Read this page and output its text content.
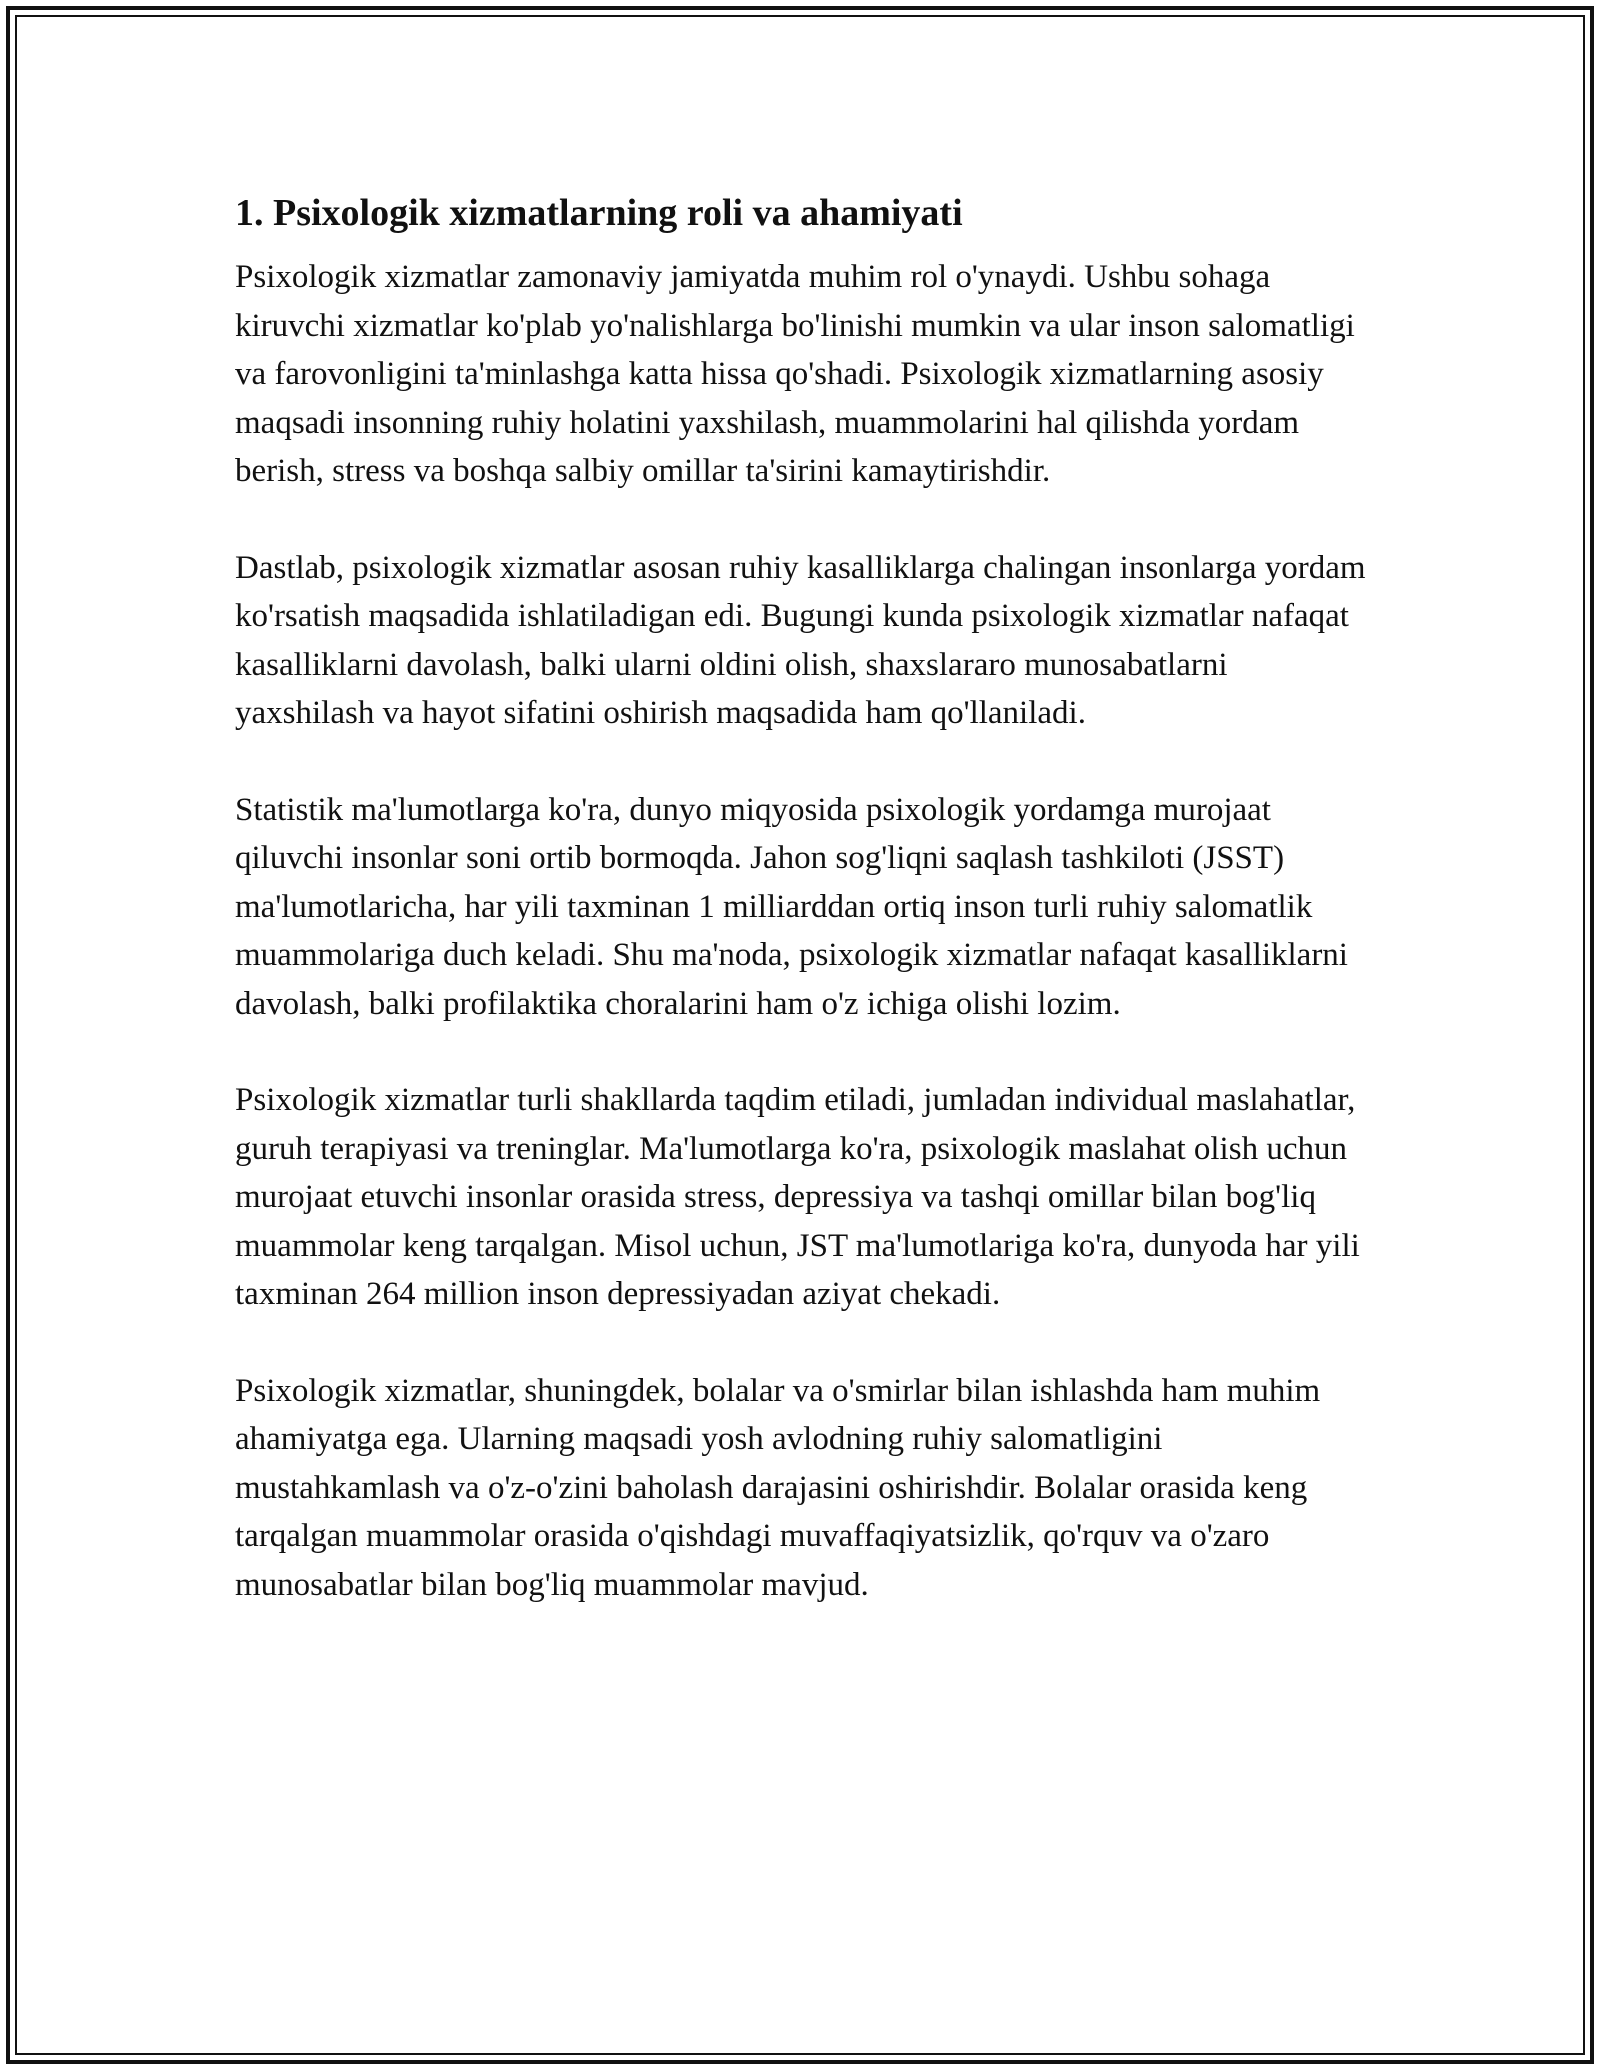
1. Psixologik xizmatlarning roli va ahamiyati

Psixologik xizmatlar zamonaviy jamiyatda muhim rol o'ynaydi. Ushbu sohaga kiruvchi xizmatlar ko'plab yo'nalishlarga bo'linishi mumkin va ular inson salomatligi va farovonligini ta'minlashga katta hissa qo'shadi. Psixologik xizmatlarning asosiy maqsadi insonning ruhiy holatini yaxshilash, muammolarini hal qilishda yordam berish, stress va boshqa salbiy omillar ta'sirini kamaytirishdir.

Dastlab, psixologik xizmatlar asosan ruhiy kasalliklarga chalingan insonlarga yordam ko'rsatish maqsadida ishlatiladigan edi. Bugungi kunda psixologik xizmatlar nafaqat kasalliklarni davolash, balki ularni oldini olish, shaxslararo munosabatlarni yaxshilash va hayot sifatini oshirish maqsadida ham qo'llaniladi.

Statistik ma'lumotlarga ko'ra, dunyo miqyosida psixologik yordamga murojaat qiluvchi insonlar soni ortib bormoqda. Jahon sog'liqni saqlash tashkiloti (JSST) ma'lumotlaricha, har yili taxminan 1 milliarddan ortiq inson turli ruhiy salomatlik muammolariga duch keladi. Shu ma'noda, psixologik xizmatlar nafaqat kasalliklarni davolash, balki profilaktika choralarini ham o'z ichiga olishi lozim.

Psixologik xizmatlar turli shakllarda taqdim etiladi, jumladan individual maslahatlar, guruh terapiyasi va treninglar. Ma'lumotlarga ko'ra, psixologik maslahat olish uchun murojaat etuvchi insonlar orasida stress, depressiya va tashqi omillar bilan bog'liq muammolar keng tarqalgan. Misol uchun, JST ma'lumotlariga ko'ra, dunyoda har yili taxminan 264 million inson depressiyadan aziyat chekadi.

Psixologik xizmatlar, shuningdek, bolalar va o'smirlar bilan ishlashda ham muhim ahamiyatga ega. Ularning maqsadi yosh avlodning ruhiy salomatligini mustahkamlash va o'z-o'zini baholash darajasini oshirishdir. Bolalar orasida keng tarqalgan muammolar orasida o'qishdagi muvaffaqiyatsizlik, qo'rquv va o'zaro munosabatlar bilan bog'liq muammolar mavjud.
